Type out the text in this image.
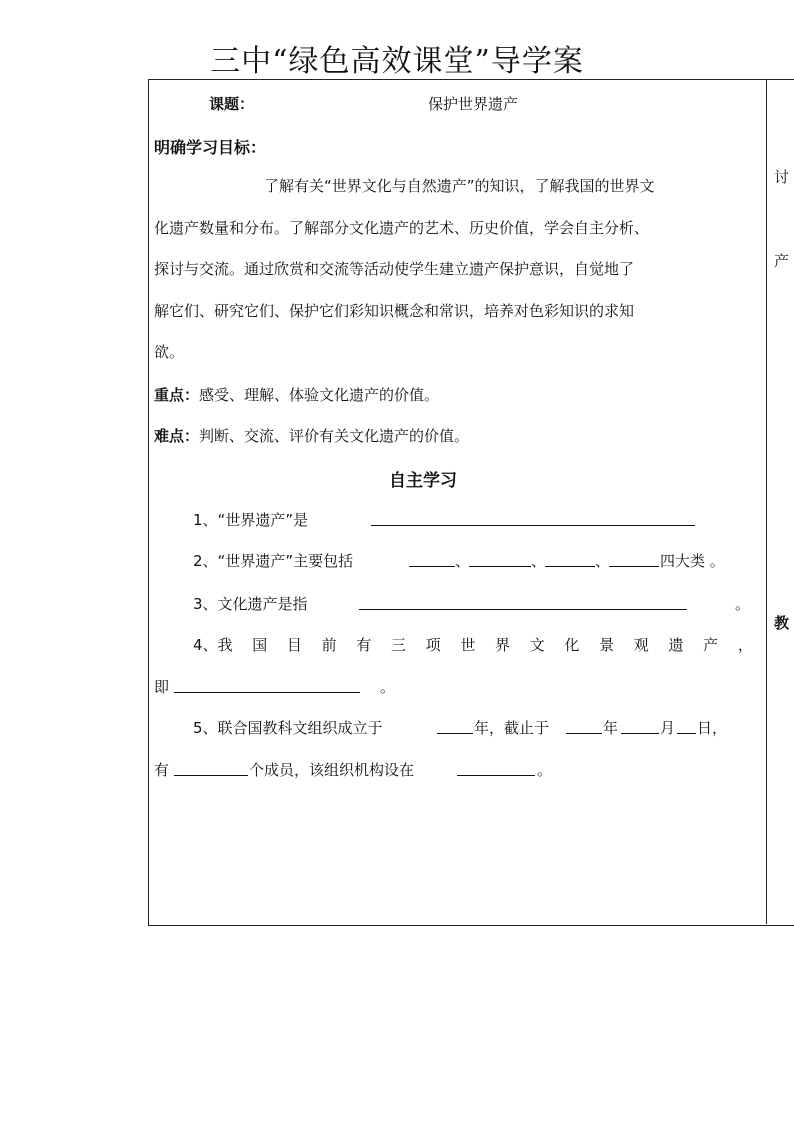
三中“绿色高效课堂”导学案
讨
产
教
课题：	保护世界遗产
明确学习目标：
了解有关“世界文化与自然遗产”的知识，了解我国的世界文
化遗产数量和分布。了解部分文化遗产的艺术、历史价值，学会自主分析、
探讨与交流。通过欣赏和交流等活动使学生建立遗产保护意识，自觉地了
解它们、研究它们、保护它们彩知识概念和常识，培养对色彩知识的求知
欲。
重点：感受、理解、体验文化遗产的价值。
难点：判断、交流、评价有关文化遗产的价值。
自主学习
1、“世界遗产”是
2、“世界遗产”主要包括	、	、	、	四大类 。
3、文化遗产是指	。
4、我 国 目 前 有 三 项 世 界 文 化 景 观 遗 产 ，
即	。
5、联合国教科文组织成立于	年，截止于	年	月 日，
有	个成员，该组织机构设在	。
